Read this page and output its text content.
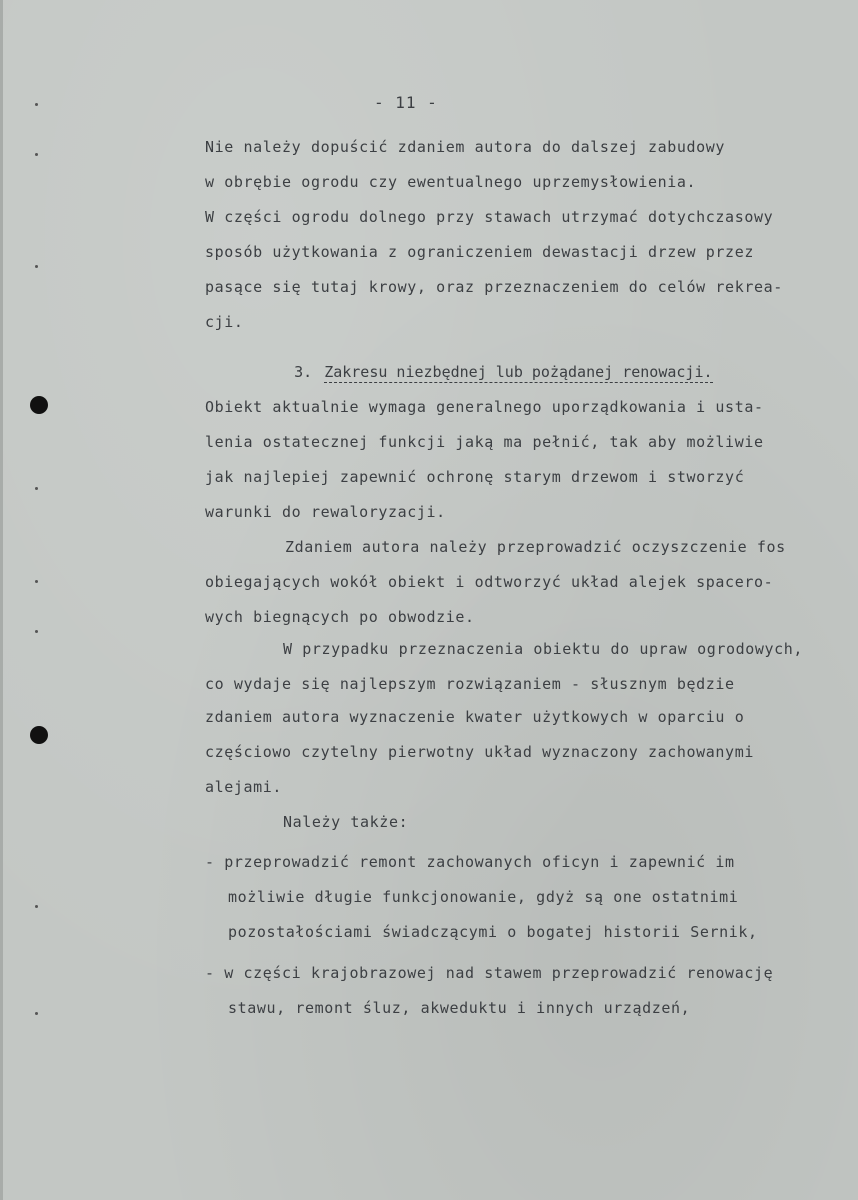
- 11 -
Nie należy dopuścić zdaniem autora do dalszej zabudowy
w obrębie ogrodu czy ewentualnego uprzemysłowienia.
W części ogrodu dolnego przy stawach utrzymać dotychczasowy
sposób użytkowania z ograniczeniem dewastacji drzew przez
pasące się tutaj krowy, oraz przeznaczeniem do celów rekrea-
cji.

3. Zakresu niezbędnej lub pożądanej renowacji.

Obiekt aktualnie wymaga generalnego uporządkowania i usta-
lenia ostatecznej funkcji jaką ma pełnić, tak aby możliwie
jak najlepiej zapewnić ochronę starym drzewom i stworzyć
warunki do rewaloryzacji.
Zdaniem autora należy przeprowadzić oczyszczenie fos
obiegających wokół obiekt i odtworzyć układ alejek spacero-
wych biegnących po obwodzie.
W przypadku przeznaczenia obiektu do upraw ogrodowych,
co wydaje się najlepszym rozwiązaniem - słusznym będzie
zdaniem autora wyznaczenie kwater użytkowych w oparciu o
częściowo czytelny pierwotny układ wyznaczony zachowanymi
alejami.
Należy także:
- przeprowadzić remont zachowanych oficyn i zapewnić im
możliwie długie funkcjonowanie, gdyż są one ostatnimi
pozostałościami świadczącymi o bogatej historii Sernik,
- w części krajobrazowej nad stawem przeprowadzić renowację
stawu, remont śluz, akweduktu i innych urządzeń,
